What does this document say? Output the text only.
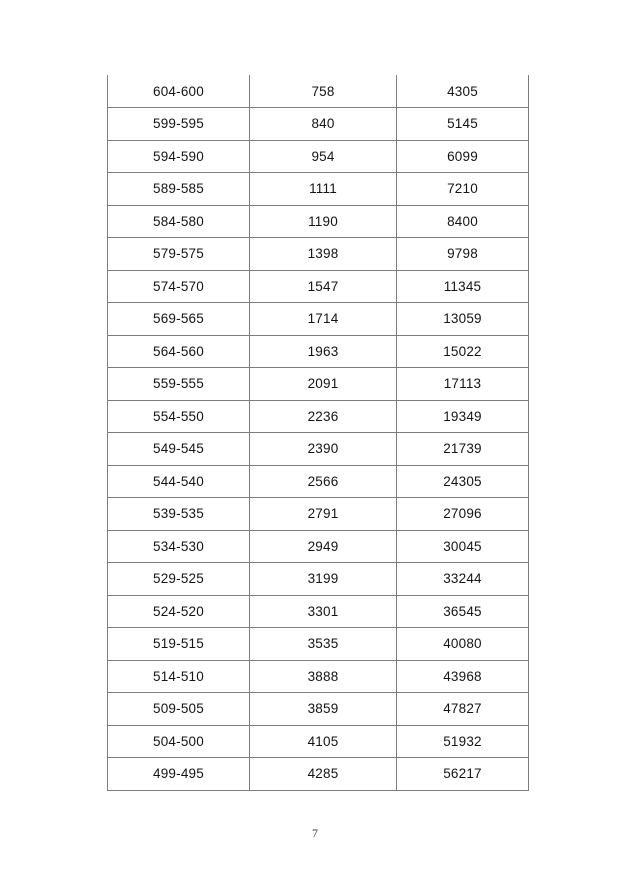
604-600	758	4305
599-595	840	5145
594-590	954	6099
589-585	1111	7210
584-580	1190	8400
579-575	1398	9798
574-570	1547	11345
569-565	1714	13059
564-560	1963	15022
559-555	2091	17113
554-550	2236	19349
549-545	2390	21739
544-540	2566	24305
539-535	2791	27096
534-530	2949	30045
529-525	3199	33244
524-520	3301	36545
519-515	3535	40080
514-510	3888	43968
509-505	3859	47827
504-500	4105	51932
499-495	4285	56217
7
